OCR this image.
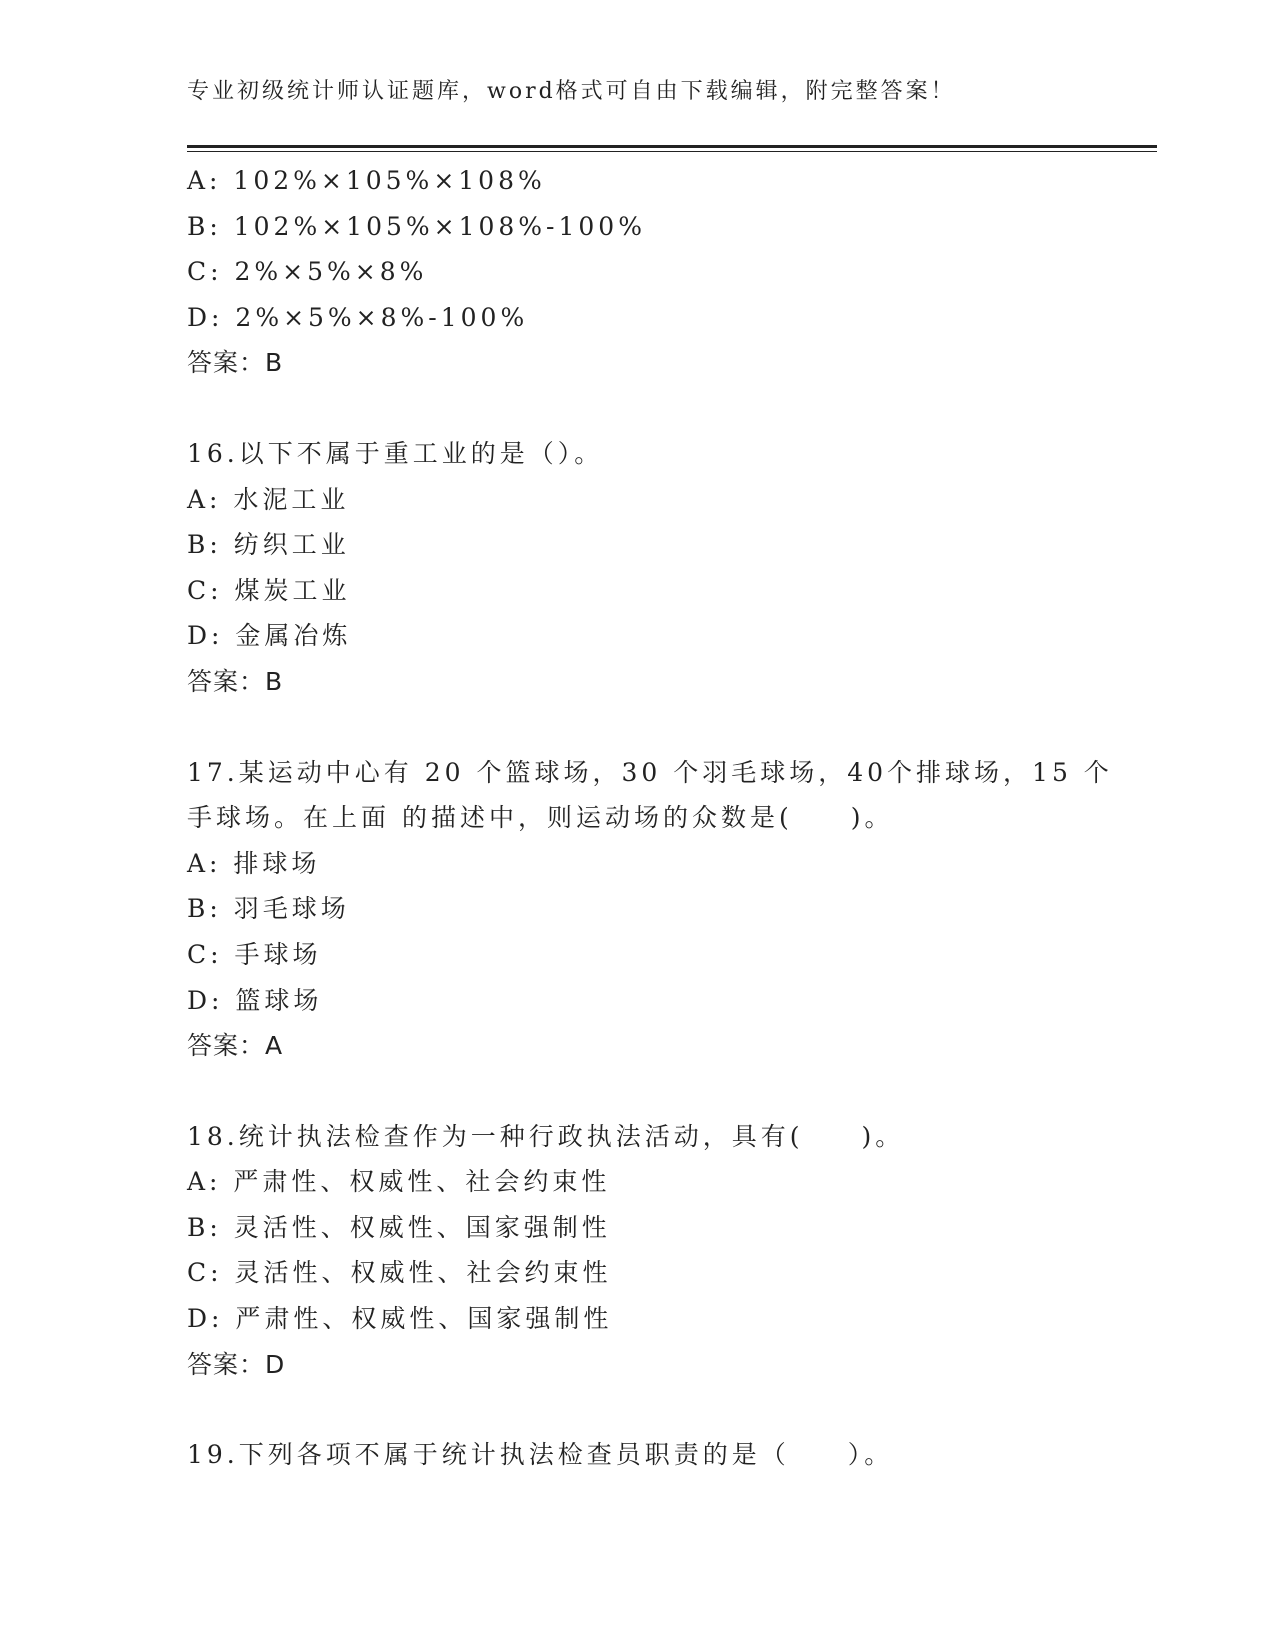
专业初级统计师认证题库，word格式可自由下载编辑，附完整答案！
A: 102%×105%×108%
B: 102%×105%×108%-100%
C: 2%×5%×8%
D: 2%×5%×8%-100%
答案：B
16.以下不属于重工业的是（）。
A: 水泥工业
B: 纺织工业
C: 煤炭工业
D: 金属冶炼
答案：B
17.某运动中心有 20 个篮球场，30 个羽毛球场，40个排球场，15 个
手球场。在上面 的描述中，则运动场的众数是(　　)。
A: 排球场
B: 羽毛球场
C: 手球场
D: 篮球场
答案：A
18.统计执法检查作为一种行政执法活动，具有(　　)。
A: 严肃性、权威性、社会约束性
B: 灵活性、权威性、国家强制性
C: 灵活性、权威性、社会约束性
D: 严肃性、权威性、国家强制性
答案：D
19.下列各项不属于统计执法检查员职责的是（　　）。
